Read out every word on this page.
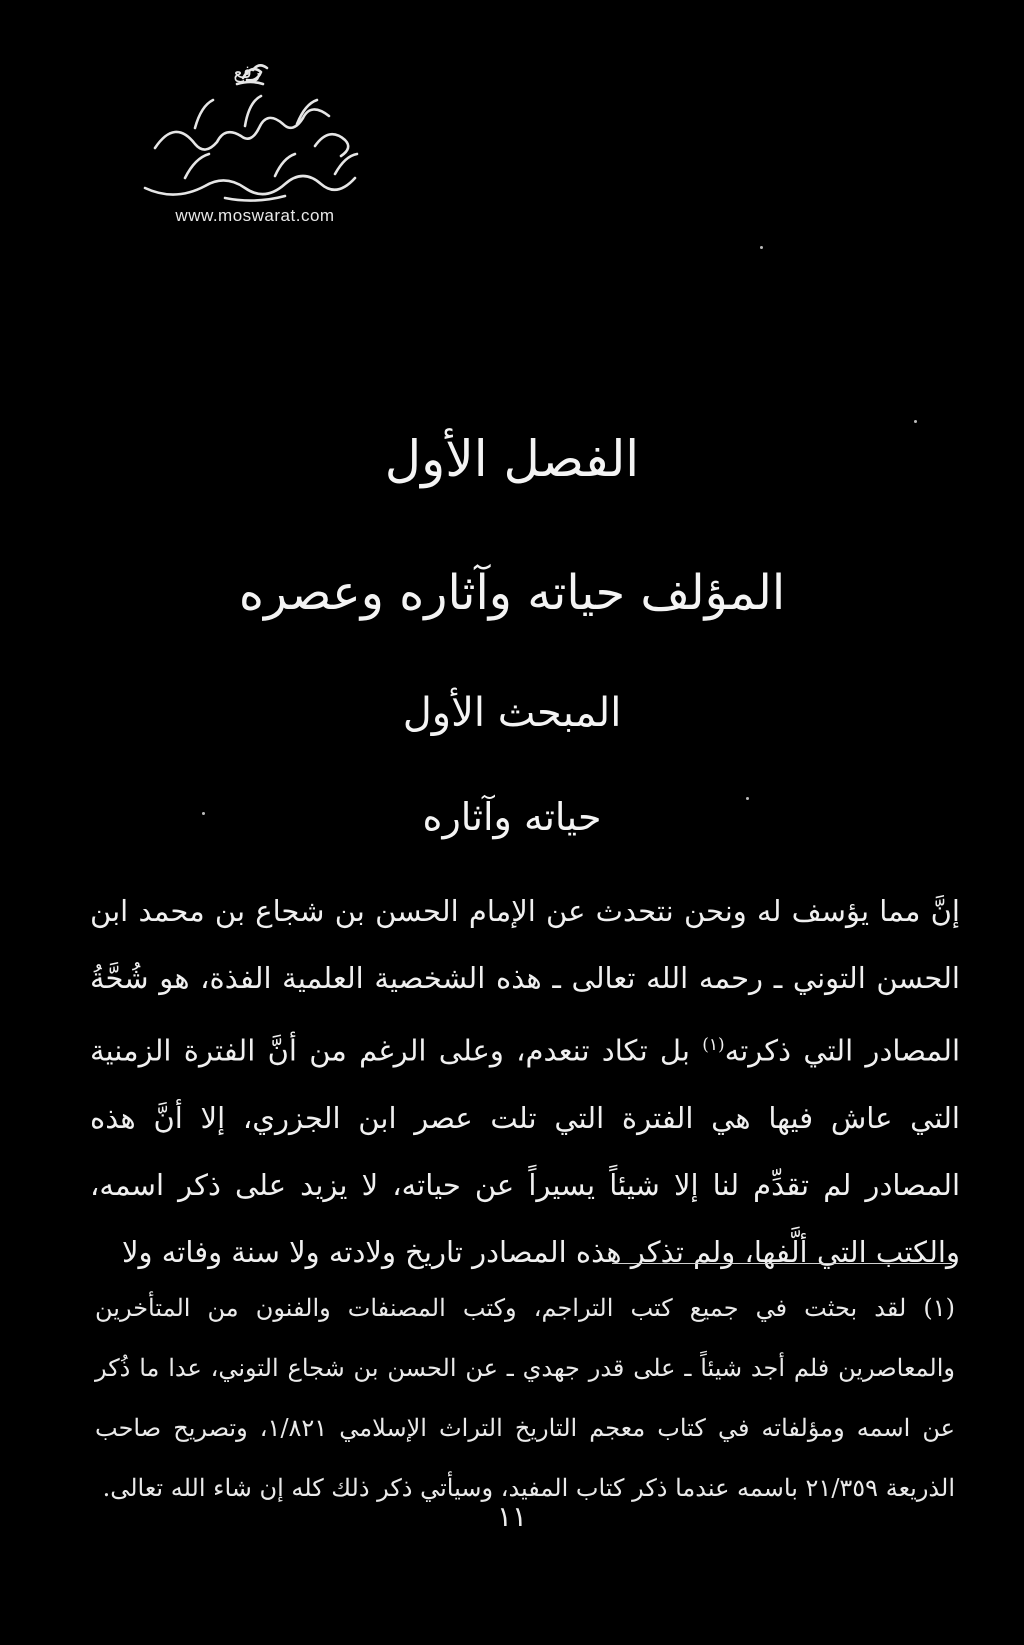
رفع
www.moswarat.com
الفصل الأول
المؤلف حياته وآثاره وعصره
المبحث الأول
حياته وآثاره
إنَّ مما يؤسف له ونحن نتحدث عن الإمام الحسن بن شجاع بن محمد ابن الحسن التوني ـ رحمه الله تعالى ـ هذه الشخصية العلمية الفذة، هو شُحَّةُ المصادر التي ذكرته$^{(١)}$ بل تكاد تنعدم، وعلى الرغم من أنَّ الفترة الزمنية التي عاش فيها هي الفترة التي تلت عصر ابن الجزري، إلا أنَّ هذه المصادر لم تقدِّم لنا إلا شيئاً يسيراً عن حياته، لا يزيد على ذكر اسمه، والكتب التي ألَّفها، ولم تذكر هذه المصادر تاريخ ولادته ولا سنة وفاته ولا
(١) لقد بحثت في جميع كتب التراجم، وكتب المصنفات والفنون من المتأخرين والمعاصرين فلم أجد شيئاً ـ على قدر جهدي ـ عن الحسن بن شجاع التوني، عدا ما ذُكر عن اسمه ومؤلفاته في كتاب معجم التاريخ التراث الإسلامي ١/٨٢١، وتصريح صاحب الذريعة ٢١/٣٥٩ باسمه عندما ذكر كتاب المفيد، وسيأتي ذكر ذلك كله إن شاء الله تعالى.
١١
